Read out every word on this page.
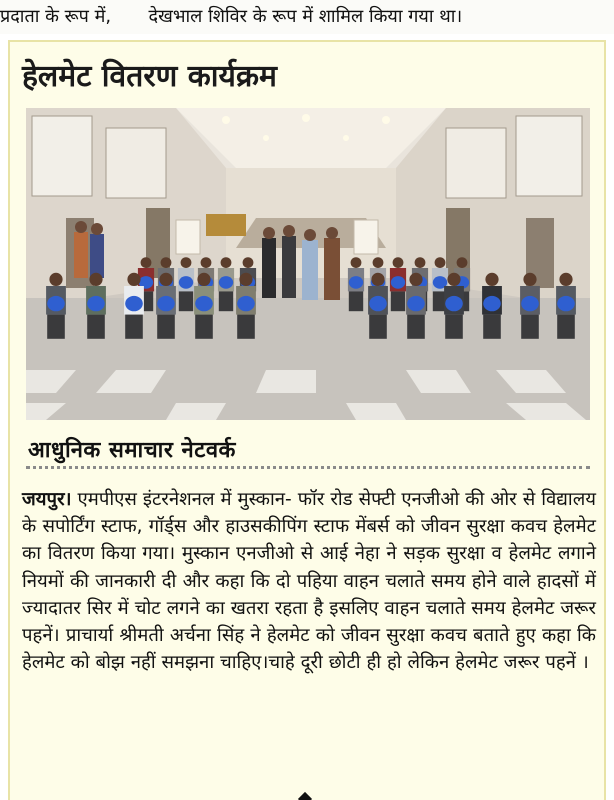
प्रदाता के रूप में, देखभाल शिविर के रूप में शामिल किया गया था।
हेलमेट वितरण कार्यक्रम
आधुनिक समाचार नेटवर्क
जयपुर। एमपीएस इंटरनेशनल में मुस्कान- फॉर रोड सेफ्टी एनजीओ की ओर से विद्यालय के सपोर्टिंग स्टाफ, गॉर्ड्स और हाउसकीपिंग स्टाफ मेंबर्स को जीवन सुरक्षा कवच हेलमेट का वितरण किया गया। मुस्कान एनजीओ से आई नेहा ने सड़क सुरक्षा व हेलमेट लगाने नियमों की जानकारी दी और कहा कि दो पहिया वाहन चलाते समय होने वाले हादसों में ज्यादातर सिर में चोट लगने का खतरा रहता है इसलिए वाहन चलाते समय हेलमेट जरूर पहनें। प्राचार्या श्रीमती अर्चना सिंह ने हेलमेट को जीवन सुरक्षा कवच बताते हुए कहा कि हेलमेट को बोझ नहीं समझना चाहिए।चाहे दूरी छोटी ही हो लेकिन हेलमेट जरूर पहनें ।
